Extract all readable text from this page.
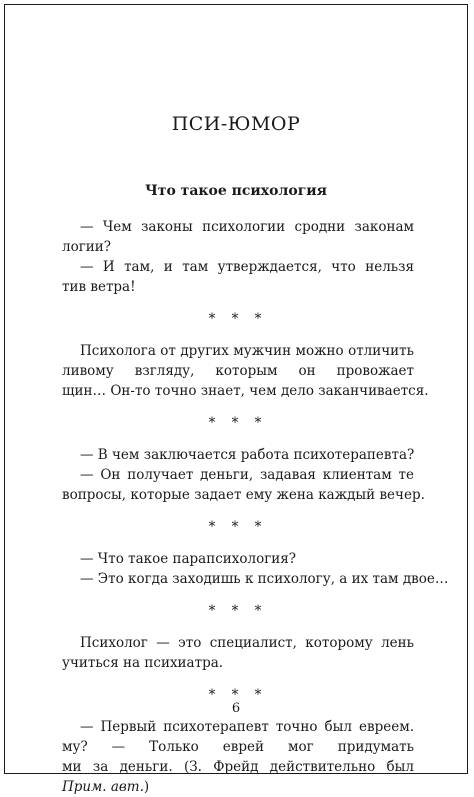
ПСИ-ЮМОР
Что такое психология
— Чем законы психологии сродни законам
логии?
— И там, и там утверждается, что нельзя
тив ветра!
* * *
Психолога от других мужчин можно отличить
ливому взгляду, которым он провожает
щин… Он-то точно знает, чем дело заканчивается.
* * *
— В чем заключается работа психотерапевта?
— Он получает деньги, задавая клиентам те
вопросы, которые задает ему жена каждый вечер.
* * *
— Что такое парапсихология?
— Это когда заходишь к психологу, а их там двое…
* * *
Психолог — это специалист, которому лень
учиться на психиатра.
* * *
— Первый психотерапевт точно был евреем.
му? — Только еврей мог придумать
ми за деньги. (З. Фрейд действительно был
Прим. авт.)
6
